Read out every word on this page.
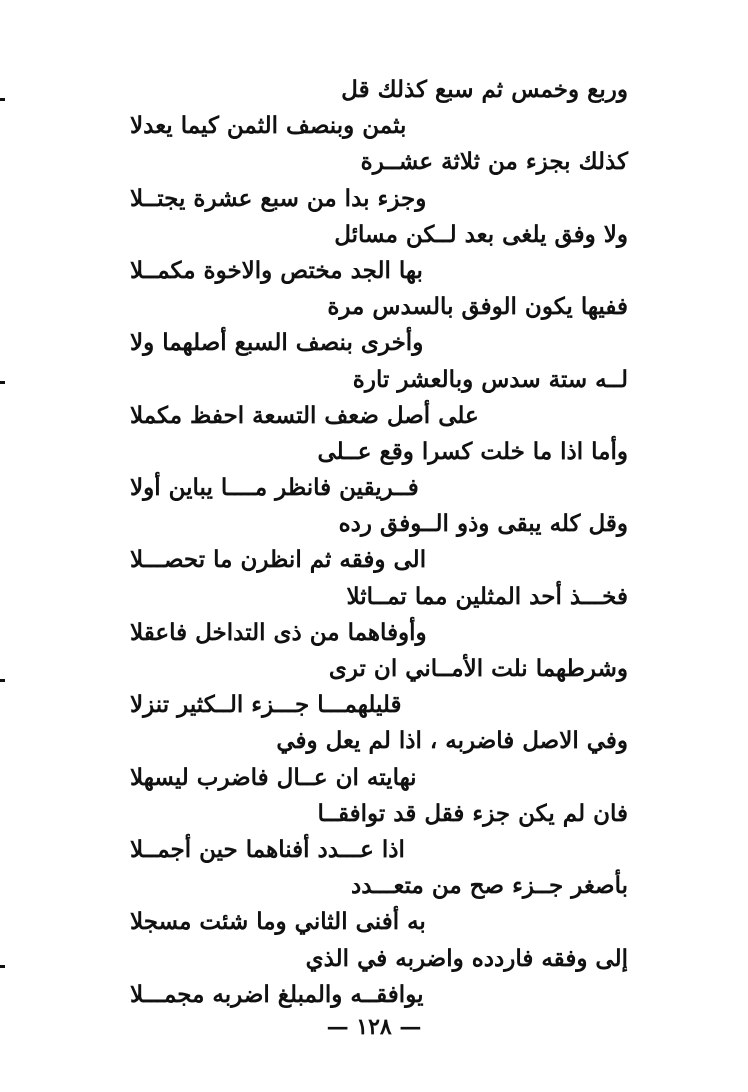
وربع وخمس ثم سبع كذلك قل
بثمن وبنصف الثمن كيما يعدلا
كذلك بجزء من ثلاثة عشــرة
وجزء بدا من سبع عشرة يجتــلا
ولا وفق يلغى بعد لــكن مسائل
بها الجد مختص والاخوة مكمــلا
ففيها يكون الوفق بالسدس مرة
وأخرى بنصف السبع أصلهما ولا
لــه ستة سدس وبالعشر تارة
على أصل ضعف التسعة احفظ مكملا
وأما اذا ما خلت كسرا وقع عــلى
فــريقين فانظر مــــا يباين أولا
وقل كله يبقى وذو الــوفق رده
الى وفقه ثم انظرن ما تحصـــلا
فخـــذ أحد المثلين مما تمــاثلا
وأوفاهما من ذى التداخل فاعقلا
وشرطهما نلت الأمــاني ان ترى
قليلهمـــا جـــزء الــكثير تنزلا
وفي الاصل فاضربه ، اذا لم يعل وفي
نهايته ان عــال فاضرب ليسهلا
فان لم يكن جزء فقل قد توافقــا
اذا عـــدد أفناهما حين أجمــلا
بأصغر جــزء صح من متعـــدد
به أفنى الثاني وما شئت مسجلا
إلى وفقه فاردده واضربه في الذي
يوافقــه والمبلغ اضربه مجمـــلا
— ١٢٨ —
